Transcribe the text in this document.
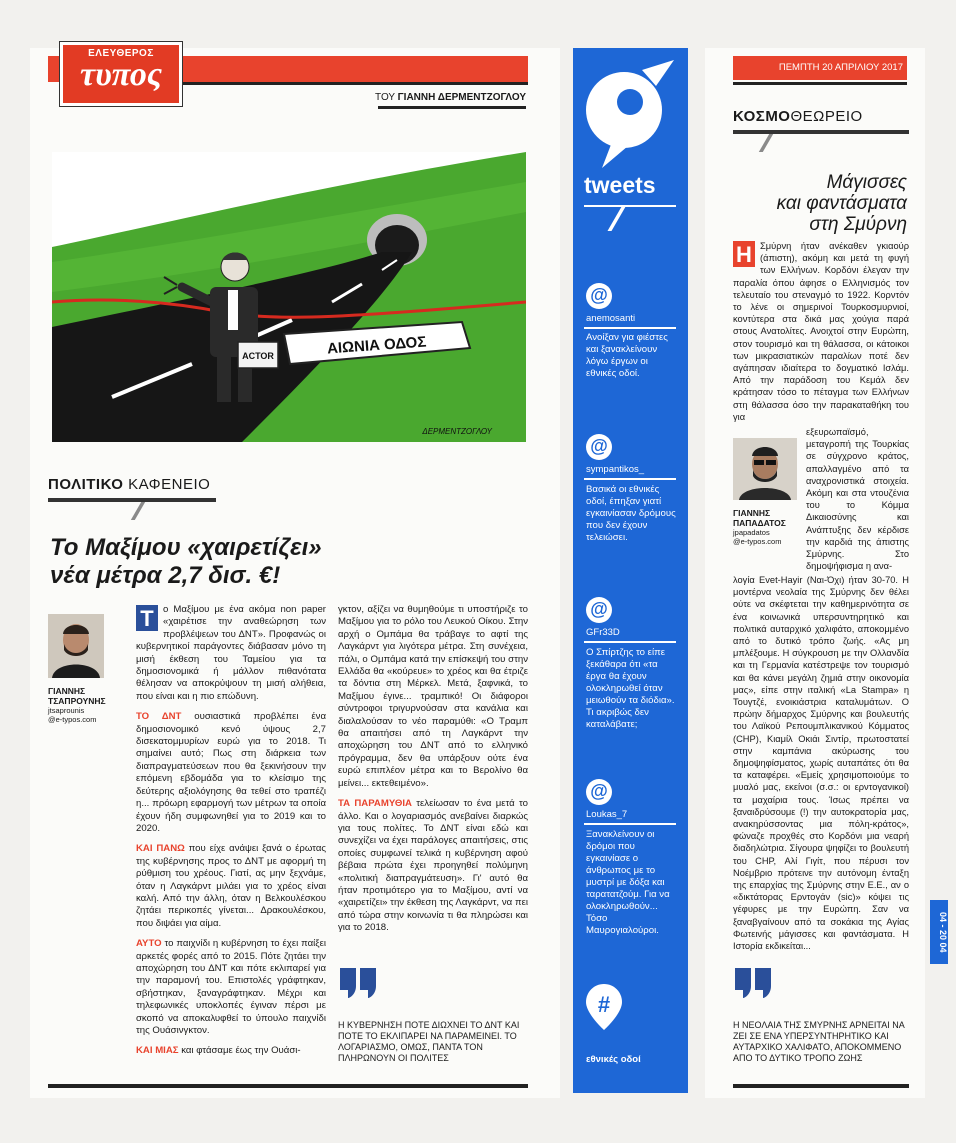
ΕΛΕΥΘΕΡΟΣ
τυπος
ΤΟΥ ΓΙΑΝΝΗ ΔΕΡΜΕΝΤΖΟΓΛΟΥ
ACTOR	ΑΙΩΝΙΑ ΟΔΟΣ
ΔΕΡΜΕΝΤΖΟΓΛΟΥ
ΠΟΛΙΤΙΚΟ ΚΑΦΕΝΕΙΟ
Το Μαξίμου «χαιρετίζει»
νέα μέτρα 2,7 δισ. €!
ΓΙΑΝΝΗΣ
ΤΣΑΠΡΟΥΝΗΣ
jtsaprounis
@e-typos.com

Τ ο Μαξίμου με ένα ακόμα non paper «χαιρέτισε την αναθεώρηση των προβλέψεων του ΔΝΤ». Προφανώς οι κυβερνητικοί παράγοντες διάβασαν μόνο τη μισή έκθεση του Ταμείου για τα δημοσιονομικά ή μάλλον πιθανότατα θέλησαν να αποκρύψουν τη μισή αλήθεια, που είναι και η πιο επώδυνη.

ΤΟ ΔΝΤ ουσιαστικά προβλέπει ένα δημοσιονομικό κενό ύψους 2,7 δισεκατομμυρίων ευρώ για το 2018. Τι σημαίνει αυτό; Πως στη διάρκεια των διαπραγματεύσεων που θα ξεκινήσουν την επόμενη εβδομάδα για το κλείσιμο της δεύτερης αξιολόγησης θα τεθεί στο τραπέζι η... πρόωρη εφαρμογή των μέτρων τα οποία έχουν ήδη συμφωνηθεί για το 2019 και το 2020.

ΚΑΙ ΠΑΝΩ που είχε ανάψει ξανά ο έρωτας της κυβέρνησης προς το ΔΝΤ με αφορμή τη ρύθμιση του χρέους. Γιατί, ας μην ξεχνάμε, όταν η Λαγκάρντ μιλάει για το χρέος είναι καλή. Από την άλλη, όταν η Βελκουλέσκου ζητάει περικοπές γίνεται... Δρακουλέσκου, που διψάει για αίμα.

ΑΥΤΟ το παιχνίδι η κυβέρνηση το έχει παίξει αρκετές φορές από το 2015. Πότε ζητάει την αποχώρηση του ΔΝΤ και πότε εκλιπαρεί για την παραμονή του. Επιστολές γράφτηκαν, σβήστηκαν, ξαναγράφτηκαν. Μέχρι και τηλεφωνικές υποκλοπές έγιναν πέρσι με σκοπό να αποκαλυφθεί το ύπουλο παιχνίδι της Ουάσινγκτον.

ΚΑΙ ΜΙΑΣ και φτάσαμε έως την Ουάσι-

γκτον, αξίζει να θυμηθούμε τι υποστήριζε το Μαξίμου για το ρόλο του Λευκού Οίκου. Στην αρχή ο Ομπάμα θα τράβαγε το αφτί της Λαγκάρντ για λιγότερα μέτρα. Στη συνέχεια, πάλι, ο Ομπάμα κατά την επίσκεψή του στην Ελλάδα θα «κούρευε» το χρέος και θα έτριζε τα δόντια στη Μέρκελ. Μετά, ξαφνικά, το Μαξίμου έγινε... τραμπικό! Οι διάφοροι σύντροφοι τριγυρνούσαν στα κανάλια και διαλαλούσαν το νέο παραμύθι: «Ο Τραμπ θα απαιτήσει από τη Λαγκάρντ την αποχώρηση του ΔΝΤ από το ελληνικό πρόγραμμα, δεν θα υπάρξουν ούτε ένα ευρώ επιπλέον μέτρα και το Βερολίνο θα μείνει... εκτεθειμένο».

ΤΑ ΠΑΡΑΜΥΘΙΑ τελείωσαν το ένα μετά το άλλο. Και ο λογαριασμός ανεβαίνει διαρκώς για τους πολίτες. Το ΔΝΤ είναι εδώ και συνεχίζει να έχει παράλογες απαιτήσεις, στις οποίες συμφωνεί τελικά η κυβέρνηση αφού βέβαια πρώτα έχει προηγηθεί πολύμηνη «πολιτική διαπραγμάτευση». Γι' αυτό θα ήταν προτιμότερο για το Μαξίμου, αντί να «χαιρετίζει» την έκθεση της Λαγκάρντ, να πει από τώρα στην κοινωνία τι θα πληρώσει και για το 2018.

Η ΚΥΒΕΡΝΗΣΗ ΠΟΤΕ ΔΙΩΧΝΕΙ ΤΟ ΔΝΤ ΚΑΙ ΠΟΤΕ ΤΟ ΕΚΛΙΠΑΡΕΙ ΝΑ ΠΑΡΑΜΕΙΝΕΙ. ΤΟ ΛΟΓΑΡΙΑΣΜΟ, ΟΜΩΣ, ΠΑΝΤΑ ΤΟΝ ΠΛΗΡΩΝΟΥΝ ΟΙ ΠΟΛΙΤΕΣ
tweets
@
anemosanti
Ανοίξαν για φιέστες και ξανακλείνουν λόγω έργων οι εθνικές οδοί.
@
sympantikos_
Βασικά οι εθνικές οδοί, έπηξαν γιατί εγκαινίασαν δρόμους που δεν έχουν τελειώσει.
@
GFr33D
Ο Σπίρτζης το είπε ξεκάθαρα ότι «τα έργα θα έχουν ολοκληρωθεί όταν μειωθούν τα διόδια». Τι ακριβώς δεν καταλάβατε;
@
Loukas_7
Ξανακλείνουν οι δρόμοι που εγκαινίασε ο άνθρωπος με το μυστρί με δόξα και ταρατατζούμ. Για να ολοκληρωθούν... Τόσο Μαυρογιαλούροι.
#
εθνικές οδοί
ΠΕΜΠΤΗ 20 ΑΠΡΙΛΙΟΥ 2017
ΚΟΣΜΟΘΕΩΡΕΙΟ
Μάγισσες
και φαντάσματα
στη Σμύρνη
Η Σμύρνη ήταν ανέκαθεν γκιαούρ (άπιστη), ακόμη και μετά τη φυγή των Ελλήνων. Κορδόνι έλεγαν την παραλία όπου άφησε ο Ελληνισμός τον τελευταίο του στεναγμό το 1922. Κορντόν το λένε οι σημερινοί Τουρκοσμυρνιοί, κοντύτερα στα δικά μας χούγια παρά στους Ανατολίτες. Ανοιχτοί στην Ευρώπη, στον τουρισμό και τη θάλασσα, οι κάτοικοι των μικρασιατικών παραλίων ποτέ δεν αγάπησαν ιδιαίτερα το δογματικό Ισλάμ. Από την παράδοση του Κεμάλ δεν κράτησαν τόσο το πέταγμα των Ελλήνων στη θάλασσα όσο την παρακαταθήκη του για
ΓΙΑΝΝΗΣ
ΠΑΠΑΔΑΤΟΣ
jpapadatos
@e-typos.com
εξευρωπαϊσμό, μεταγροπή της Τουρκίας σε σύγχρονο κράτος, απαλλαγμένο από τα αναχρονιστικά στοιχεία. Ακόμη και στα ντουζένια του το Κόμμα Δικαιοσύνης και Ανάπτυξης δεν κέρδισε την καρδιά της άπιστης Σμύρνης. Στο δημοψήφισμα η ανα-
λογία Evet-Hayir (Ναι-Όχι) ήταν 30-70. Η μοντέρνα νεολαία της Σμύρνης δεν θέλει ούτε να σκέφτεται την καθημερινότητα σε ένα κοινωνικά υπερσυντηρητικό και πολιτικά αυταρχικό χαλιφάτο, αποκομμένο από το δυτικό τρόπο ζωής. «Ας μη μπλέξουμε. Η σύγκρουση με την Ολλανδία και τη Γερμανία κατέστρεψε τον τουρισμό και θα κάνει μεγάλη ζημιά στην οικονομία μας», είπε στην ιταλική «La Stampa» η Τουγτζέ, ενοικιάστρια καταλυμάτων. Ο πρώην δήμαρχος Σμύρνης και βουλευτής του Λαϊκού Ρεπουμπλικανικού Κόμματος (CHP), Κιαμίλ Οκιάι Σιντίρ, πρωτοστατεί στην καμπάνια ακύρωσης του δημοψηφίσματος, χωρίς αυταπάτες ότι θα τα καταφέρει. «Εμείς χρησιμοποιούμε το μυαλό μας, εκείνοι (σ.σ.: οι ερντογανικοί) τα μαχαίρια τους. Ίσως πρέπει να ξαναιδρύσουμε (!) την αυτοκρατορία μας, ανακηρύσσοντας μια πόλη-κράτος», φώναζε προχθές στο Κορδόνι μια νεαρή διαδηλώτρια. Σίγουρα ψηφίζει το βουλευτή του CHP, Αλί Γιγίτ, που πέρυσι τον Νοέμβριο πρότεινε την αυτόνομη ένταξη της επαρχίας της Σμύρνης στην Ε.Ε., αν ο «δικτάτορας Ερντογάν (sic)» κόψει τις γέφυρες με την Ευρώπη. Σαν να ξαναβγαίνουν από τα σοκάκια της Αγίας Φωτεινής μάγισσες και φαντάσματα. Η Ιστορία εκδικείται...	04 - 20 04
Η ΝΕΟΛΑΙΑ ΤΗΣ ΣΜΥΡΝΗΣ ΑΡΝΕΙΤΑΙ ΝΑ ΖΕΙ ΣΕ ΕΝΑ ΥΠΕΡΣΥΝΤΗΡΗΤΙΚΟ ΚΑΙ ΑΥΤΑΡΧΙΚΟ ΧΑΛΙΦΑΤΟ, ΑΠΟΚΟΜΜΕΝΟ ΑΠΟ ΤΟ ΔΥΤΙΚΟ ΤΡΟΠΟ ΖΩΗΣ
